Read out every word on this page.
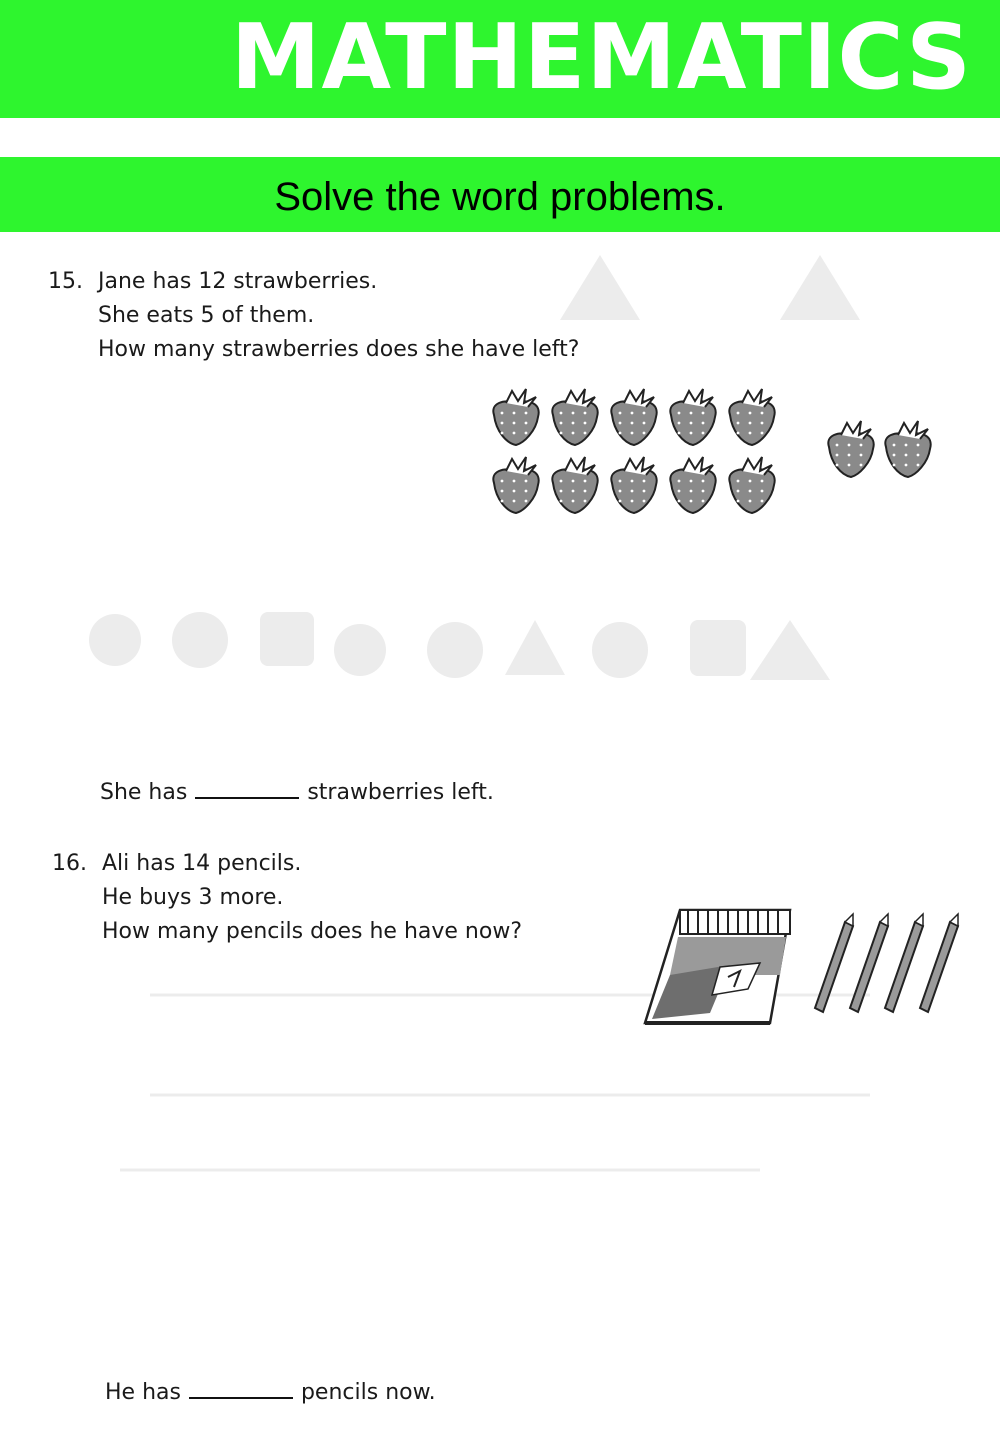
MATHEMATICS
Solve the word problems.
15. Jane has 12 strawberries.
She eats 5 of them.
How many strawberries does she have left?
She has	strawberries left.
16. Ali has 14 pencils.
He buys 3 more.
How many pencils does he have now?
He has	pencils now.
